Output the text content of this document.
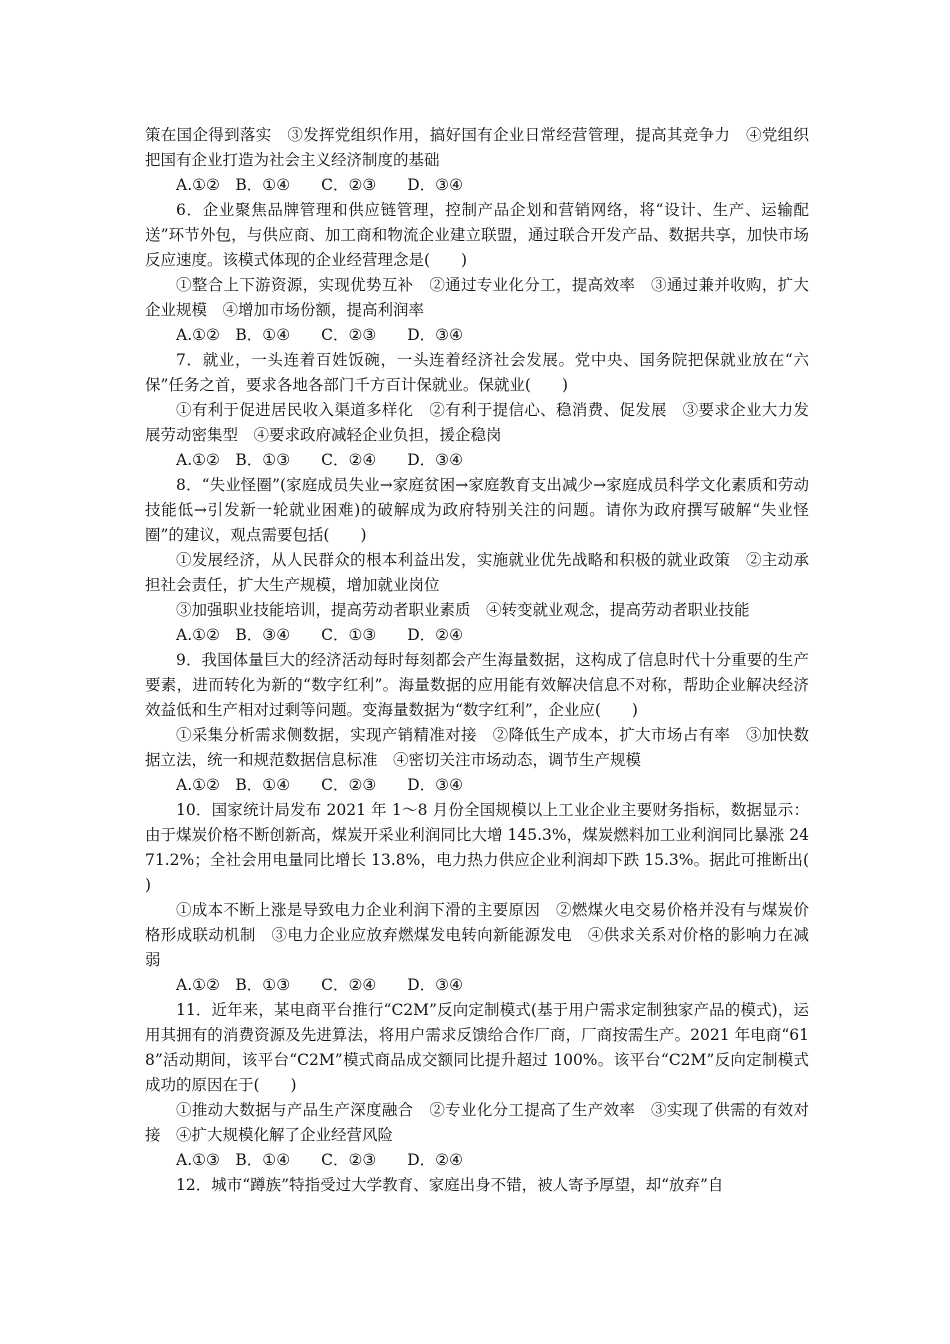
策在国企得到落实　③发挥党组织作用，搞好国有企业日常经营管理，提高其竞争力　④党组织把国有企业打造为社会主义经济制度的基础

A.①②　B．①④　　C．②③　　D．③④

6．企业聚焦品牌管理和供应链管理，控制产品企划和营销网络，将“设计、生产、运输配送”环节外包，与供应商、加工商和物流企业建立联盟，通过联合开发产品、数据共享，加快市场反应速度。该模式体现的企业经营理念是(　　)

①整合上下游资源，实现优势互补　②通过专业化分工，提高效率　③通过兼并收购，扩大企业规模　④增加市场份额，提高利润率

A.①②　B．①④　　C．②③　　D．③④

7．就业，一头连着百姓饭碗，一头连着经济社会发展。党中央、国务院把保就业放在“六保”任务之首，要求各地各部门千方百计保就业。保就业(　　)

①有利于促进居民收入渠道多样化　②有利于提信心、稳消费、促发展　③要求企业大力发展劳动密集型　④要求政府减轻企业负担，援企稳岗

A.①②　B．①③　　C．②④　　D．③④

8．“失业怪圈”(家庭成员失业→家庭贫困→家庭教育支出减少→家庭成员科学文化素质和劳动技能低→引发新一轮就业困难)的破解成为政府特别关注的问题。请你为政府撰写破解“失业怪圈”的建议，观点需要包括(　　)

①发展经济，从人民群众的根本利益出发，实施就业优先战略和积极的就业政策　②主动承担社会责任，扩大生产规模，增加就业岗位

③加强职业技能培训，提高劳动者职业素质　④转变就业观念，提高劳动者职业技能

A.①②　B．③④　　C．①③　　D．②④

9．我国体量巨大的经济活动每时每刻都会产生海量数据，这构成了信息时代十分重要的生产要素，进而转化为新的“数字红利”。海量数据的应用能有效解决信息不对称，帮助企业解决经济效益低和生产相对过剩等问题。变海量数据为“数字红利”，企业应(　　)

①采集分析需求侧数据，实现产销精准对接　②降低生产成本，扩大市场占有率　③加快数据立法，统一和规范数据信息标准　④密切关注市场动态，调节生产规模

A.①②　B．①④　　C．②③　　D．③④

10．国家统计局发布 2021 年 1～8 月份全国规模以上工业企业主要财务指标，数据显示：由于煤炭价格不断创新高，煤炭开采业利润同比大增 145.3%，煤炭燃料加工业利润同比暴涨 2471.2%；全社会用电量同比增长 13.8%，电力热力供应企业利润却下跌 15.3%。据此可推断出(　　)

①成本不断上涨是导致电力企业利润下滑的主要原因　②燃煤火电交易价格并没有与煤炭价格形成联动机制　③电力企业应放弃燃煤发电转向新能源发电　④供求关系对价格的影响力在减弱

A.①②　B．①③　　C．②④　　D．③④

11．近年来，某电商平台推行“C2M”反向定制模式(基于用户需求定制独家产品的模式)，运用其拥有的消费资源及先进算法，将用户需求反馈给合作厂商，厂商按需生产。2021 年电商“618”活动期间，该平台“C2M”模式商品成交额同比提升超过 100%。该平台“C2M”反向定制模式成功的原因在于(　　)

①推动大数据与产品生产深度融合　②专业化分工提高了生产效率　③实现了供需的有效对接　④扩大规模化解了企业经营风险

A.①③　B．①④　　C．②③　　D．②④

12．城市“蹲族”特指受过大学教育、家庭出身不错，被人寄予厚望，却“放弃”自
